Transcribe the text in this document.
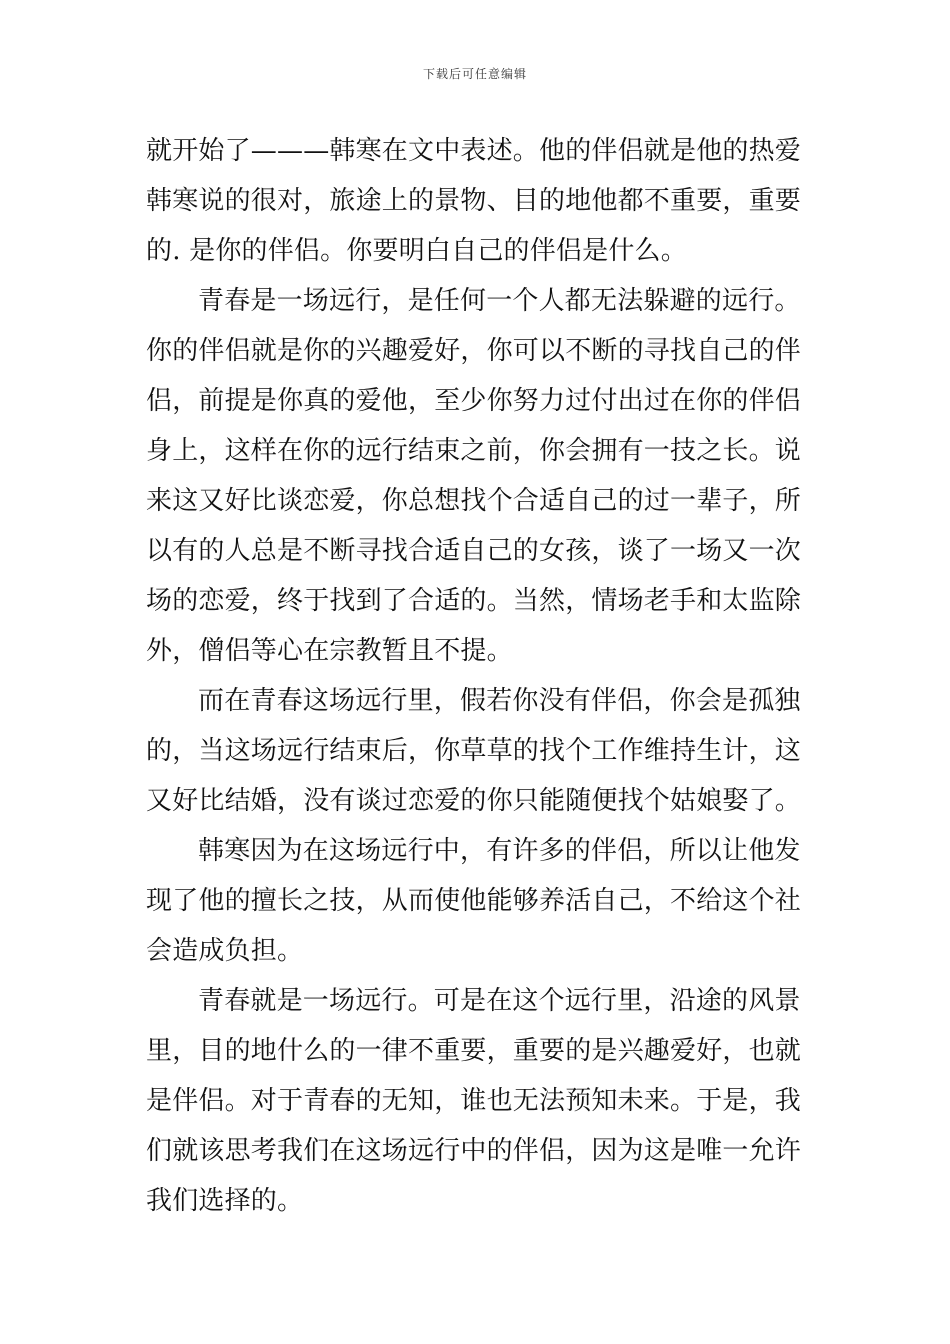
下载后可任意编辑
就开始了———韩寒在文中表述。他的伴侣就是他的热爱
韩寒说的很对，旅途上的景物、目的地他都不重要，重要
的. 是你的伴侣。你要明白自己的伴侣是什么。
青春是一场远行，是任何一个人都无法躲避的远行。
你的伴侣就是你的兴趣爱好，你可以不断的寻找自己的伴
侣，前提是你真的爱他，至少你努力过付出过在你的伴侣
身上，这样在你的远行结束之前，你会拥有一技之长。说
来这又好比谈恋爱，你总想找个合适自己的过一辈子，所
以有的人总是不断寻找合适自己的女孩，谈了一场又一次
场的恋爱，终于找到了合适的。当然，情场老手和太监除
外，僧侣等心在宗教暂且不提。
而在青春这场远行里，假若你没有伴侣，你会是孤独
的，当这场远行结束后，你草草的找个工作维持生计，这
又好比结婚，没有谈过恋爱的你只能随便找个姑娘娶了。
韩寒因为在这场远行中，有许多的伴侣，所以让他发
现了他的擅长之技，从而使他能够养活自己，不给这个社
会造成负担。
青春就是一场远行。可是在这个远行里，沿途的风景
里，目的地什么的一律不重要，重要的是兴趣爱好，也就
是伴侣。对于青春的无知，谁也无法预知未来。于是，我
们就该思考我们在这场远行中的伴侣，因为这是唯一允许
我们选择的。
